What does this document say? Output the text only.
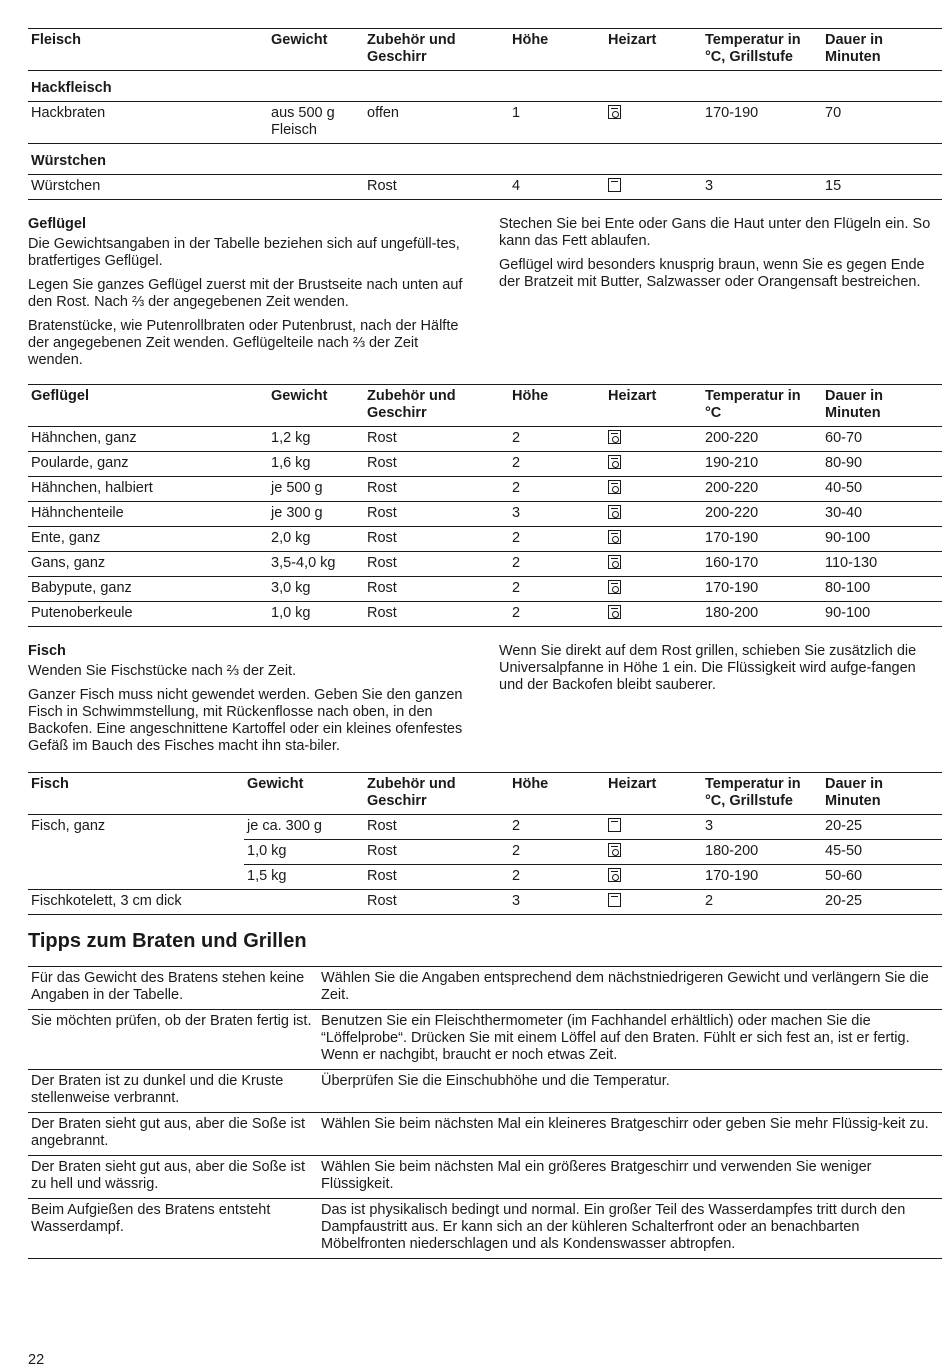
Fleisch	Gewicht	Zubehör und Geschirr	Höhe	Heizart	Temperatur in °C, Grillstufe	Dauer in Minuten
Hackfleisch						
Hackbraten	aus 500 g Fleisch	offen	1		170-190	70
Würstchen						
Würstchen		Rost	4		3	15
Geflügel

Die Gewichtsangaben in der Tabelle beziehen sich auf ungefüll-tes, bratfertiges Geflügel.

Legen Sie ganzes Geflügel zuerst mit der Brustseite nach unten auf den Rost. Nach ⅔ der angegebenen Zeit wenden.

Bratenstücke, wie Putenrollbraten oder Putenbrust, nach der Hälfte der angegebenen Zeit wenden. Geflügelteile nach ⅔ der Zeit wenden.

Stechen Sie bei Ente oder Gans die Haut unter den Flügeln ein. So kann das Fett ablaufen.

Geflügel wird besonders knusprig braun, wenn Sie es gegen Ende der Bratzeit mit Butter, Salzwasser oder Orangensaft bestreichen.

Geflügel	Gewicht	Zubehör und Geschirr	Höhe	Heizart	Temperatur in °C	Dauer in Minuten
Hähnchen, ganz	1,2 kg	Rost	2		200-220	60-70
Poularde, ganz	1,6 kg	Rost	2		190-210	80-90
Hähnchen, halbiert	je 500 g	Rost	2		200-220	40-50
Hähnchenteile	je 300 g	Rost	3		200-220	30-40
Ente, ganz	2,0 kg	Rost	2		170-190	90-100
Gans, ganz	3,5-4,0 kg	Rost	2		160-170	110-130
Babypute, ganz	3,0 kg	Rost	2		170-190	80-100
Putenoberkeule	1,0 kg	Rost	2		180-200	90-100
Fisch

Wenden Sie Fischstücke nach ⅔ der Zeit.

Ganzer Fisch muss nicht gewendet werden. Geben Sie den ganzen Fisch in Schwimmstellung, mit Rückenflosse nach oben, in den Backofen. Eine angeschnittene Kartoffel oder ein kleines ofenfestes Gefäß im Bauch des Fisches macht ihn sta-biler.

Wenn Sie direkt auf dem Rost grillen, schieben Sie zusätzlich die Universalpfanne in Höhe 1 ein. Die Flüssigkeit wird aufge-fangen und der Backofen bleibt sauberer.

Fisch	Gewicht	Zubehör und Geschirr	Höhe	Heizart	Temperatur in °C, Grillstufe	Dauer in Minuten
Fisch, ganz	je ca. 300 g	Rost	2		3	20-25
	1,0 kg	Rost	2		180-200	45-50
	1,5 kg	Rost	2		170-190	50-60
Fischkotelett, 3 cm dick		Rost	3		2	20-25
Tipps zum Braten und Grillen
Für das Gewicht des Bratens stehen keine Angaben in der Tabelle.	Wählen Sie die Angaben entsprechend dem nächstniedrigeren Gewicht und verlängern Sie die Zeit.
Sie möchten prüfen, ob der Braten fertig ist.	Benutzen Sie ein Fleischthermometer (im Fachhandel erhältlich) oder machen Sie die “Löffelprobe“. Drücken Sie mit einem Löffel auf den Braten. Fühlt er sich fest an, ist er fertig. Wenn er nachgibt, braucht er noch etwas Zeit.
Der Braten ist zu dunkel und die Kruste stellenweise verbrannt.	Überprüfen Sie die Einschubhöhe und die Temperatur.
Der Braten sieht gut aus, aber die Soße ist angebrannt.	Wählen Sie beim nächsten Mal ein kleineres Bratgeschirr oder geben Sie mehr Flüssig-keit zu.
Der Braten sieht gut aus, aber die Soße ist zu hell und wässrig.	Wählen Sie beim nächsten Mal ein größeres Bratgeschirr und verwenden Sie weniger Flüssigkeit.
Beim Aufgießen des Bratens entsteht Wasserdampf.	Das ist physikalisch bedingt und normal. Ein großer Teil des Wasserdampfes tritt durch den Dampfaustritt aus. Er kann sich an der kühleren Schalterfront oder an benachbarten Möbelfronten niederschlagen und als Kondenswasser abtropfen.
22
